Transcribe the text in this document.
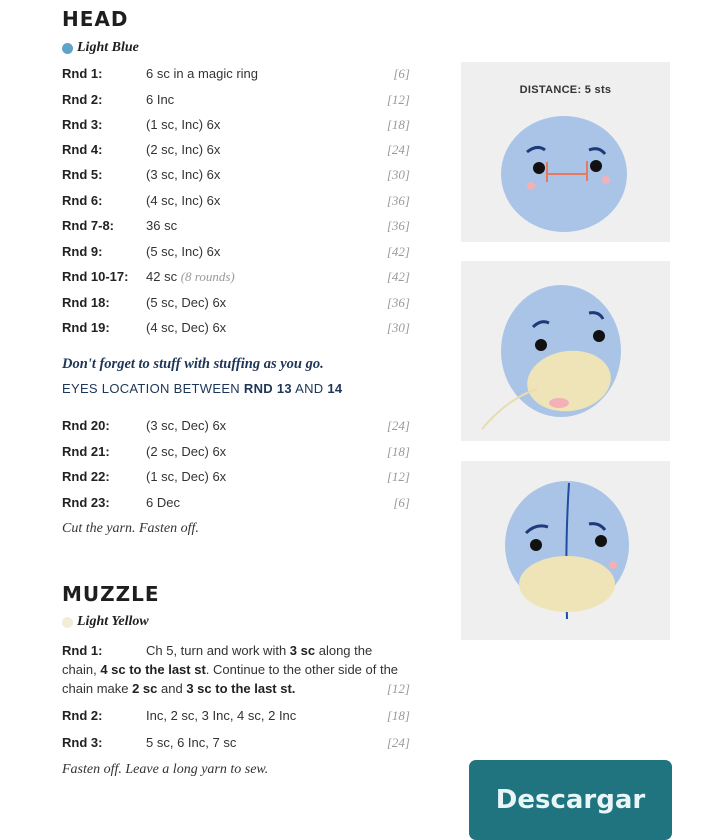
HEAD
Light Blue
Rnd 1:	6 sc in a magic ring	[6]
Rnd 2:	6 Inc	[12]
Rnd 3:	(1 sc, Inc) 6x	[18]
Rnd 4:	(2 sc, Inc) 6x	[24]
Rnd 5:	(3 sc, Inc) 6x	[30]
Rnd 6:	(4 sc, Inc) 6x	[36]
Rnd 7-8: 36 sc	[36]
Rnd 9:	(5 sc, Inc) 6x	[42]
Rnd 10-17: 42 sc (8 rounds)	[42]
Rnd 18:	(5 sc, Dec) 6x	[36]
Rnd 19:	(4 sc, Dec) 6x	[30]
Don't forget to stuff with stuffing as you go.
EYES LOCATION BETWEEN RND 13 AND 14
Rnd 20:	(3 sc, Dec) 6x	[24]
Rnd 21:	(2 sc, Dec) 6x	[18]
Rnd 22:	(1 sc, Dec) 6x	[12]
Rnd 23:	6 Dec	[6]
Cut the yarn. Fasten off.
MUZZLE
Light Yellow
Rnd 1:	Ch 5, turn and work with 3 sc along the chain, 4 sc to the last st. Continue to the other side of the chain make 2 sc and 3 sc to the last st.	[12]
Rnd 2:	Inc, 2 sc, 3 Inc, 4 sc, 2 Inc	[18]
Rnd 3:	5 sc, 6 Inc, 7 sc	[24]
Fasten off. Leave a long yarn to sew.
DISTANCE: 5 sts
Descargar
